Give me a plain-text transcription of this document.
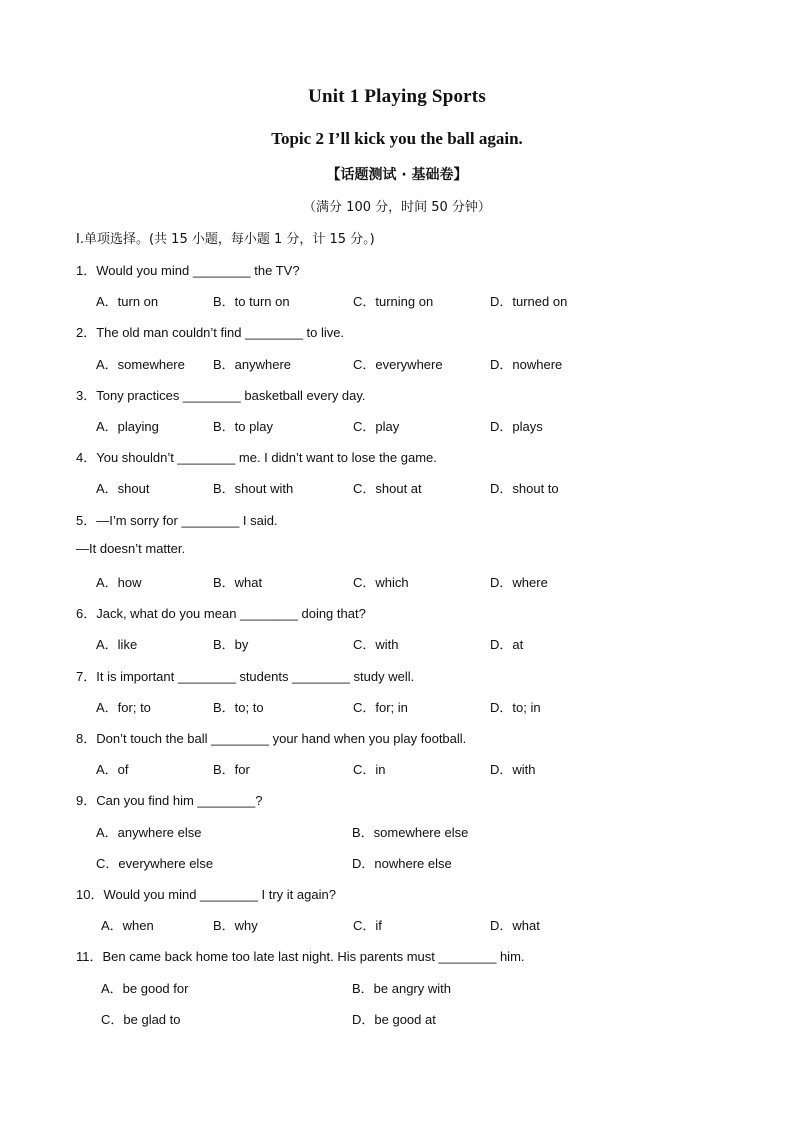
Unit 1 Playing Sports
Topic 2 I’ll kick you the ball again.
【话题测试 · 基础卷】
（满分 100 分，时间 50 分钟）
I.单项选择。(共 15 小题，每小题 1 分，计 15 分。)
1．Would you mind ________ the TV?
A．turn on	B．to turn on	C．turning on	D．turned on
2．The old man couldn’t find ________ to live.
A．somewhere B．anywhere	C．everywhere	D．nowhere
3．Tony practices ________ basketball every day.
A．playing	B．to play	C．play	D．plays
4．You shouldn’t ________ me. I didn’t want to lose the game.
A．shout	B．shout with	C．shout at	D．shout to
5．—I’m sorry for ________ I said.
—It doesn’t matter.
A．how	B．what	C．which	D．where
6．Jack, what do you mean ________ doing that?
A．like	B．by	C．with	D．at
7．It is important ________ students ________ study well.
A．for; to	B．to; to	C．for; in	D．to; in
8．Don’t touch the ball ________ your hand when you play football.
A．of	B．for	C．in	D．with
9．Can you find him ________?
A．anywhere else	B．somewhere else
C．everywhere else	D．nowhere else
10．Would you mind ________ I try it again?
A．when	B．why	C．if	D．what
11．Ben came back home too late last night. His parents must ________ him.
A．be good for	B．be angry with
C．be glad to	D．be good at
